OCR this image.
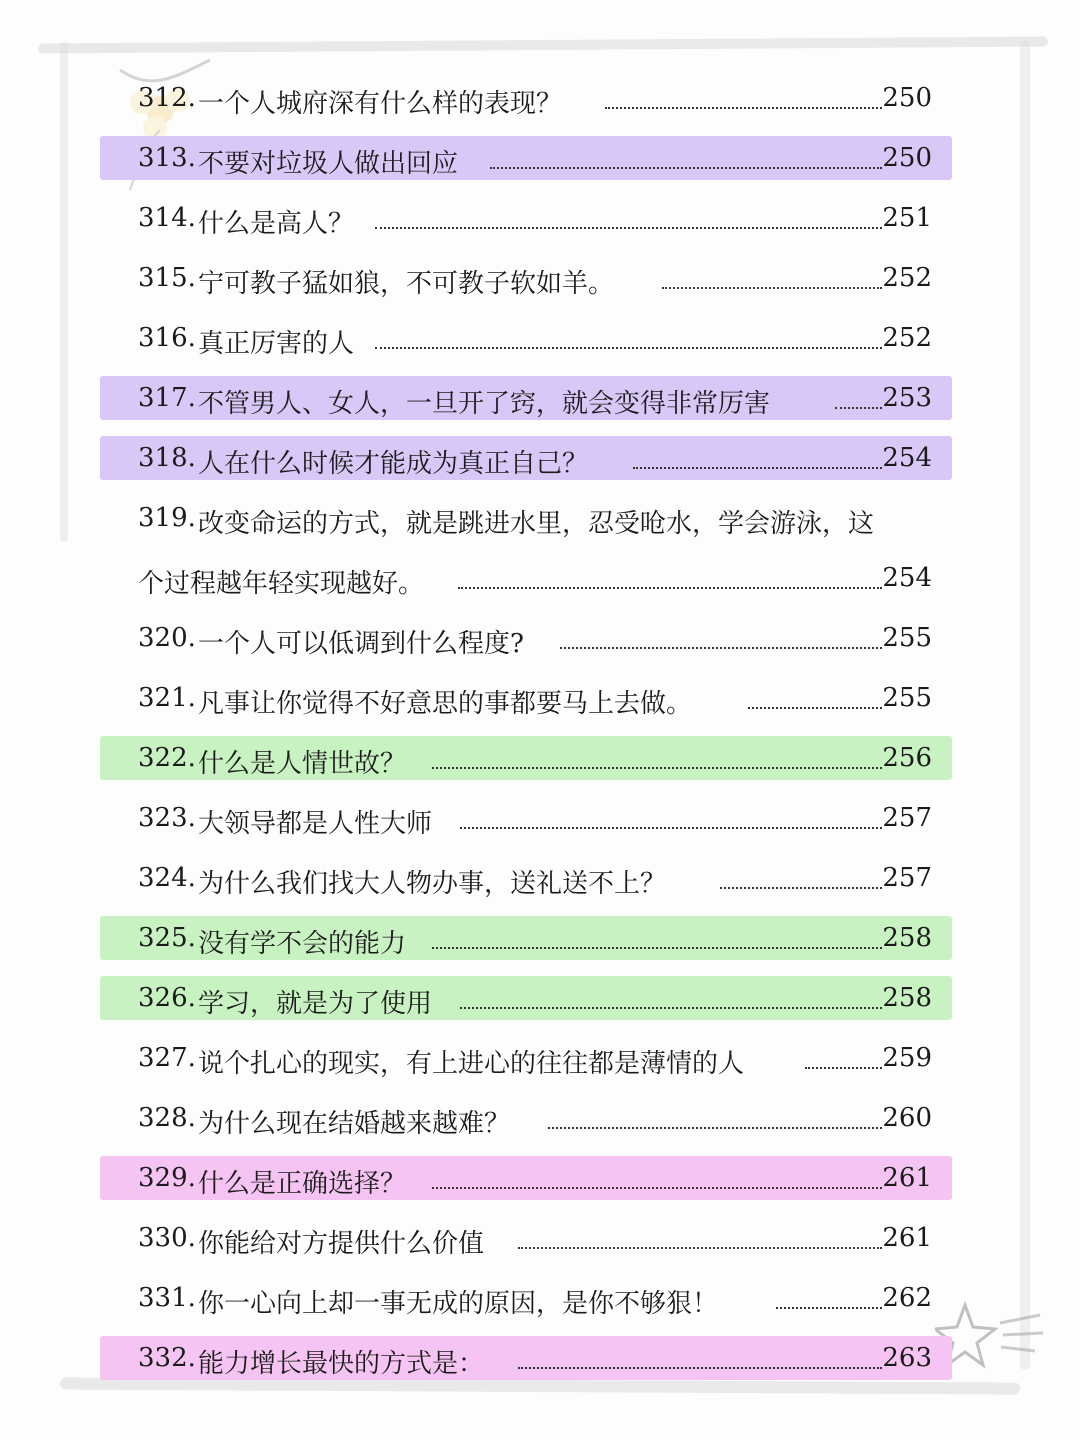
312. 一个人城府深有什么样的表现？	250
313. 不要对垃圾人做出回应	250
314. 什么是高人？	251
315. 宁可教子猛如狼，不可教子软如羊。	252
316. 真正厉害的人	252
317. 不管男人、女人，一旦开了窍，就会变得非常厉害	253
318. 人在什么时候才能成为真正自己？	254
319. 改变命运的方式，就是跳进水里，忍受呛水，学会游泳，这
个过程越年轻实现越好。	254
320. 一个人可以低调到什么程度?	255
321. 凡事让你觉得不好意思的事都要马上去做。	255
322. 什么是人情世故？	256
323. 大领导都是人性大师	257
324. 为什么我们找大人物办事，送礼送不上？	257
325. 没有学不会的能力	258
326. 学习，就是为了使用	258
327. 说个扎心的现实，有上进心的往往都是薄情的人	259
328. 为什么现在结婚越来越难？	260
329. 什么是正确选择？	261
330. 你能给对方提供什么价值	261
331. 你一心向上却一事无成的原因，是你不够狠！	262
332. 能力增长最快的方式是：	263
